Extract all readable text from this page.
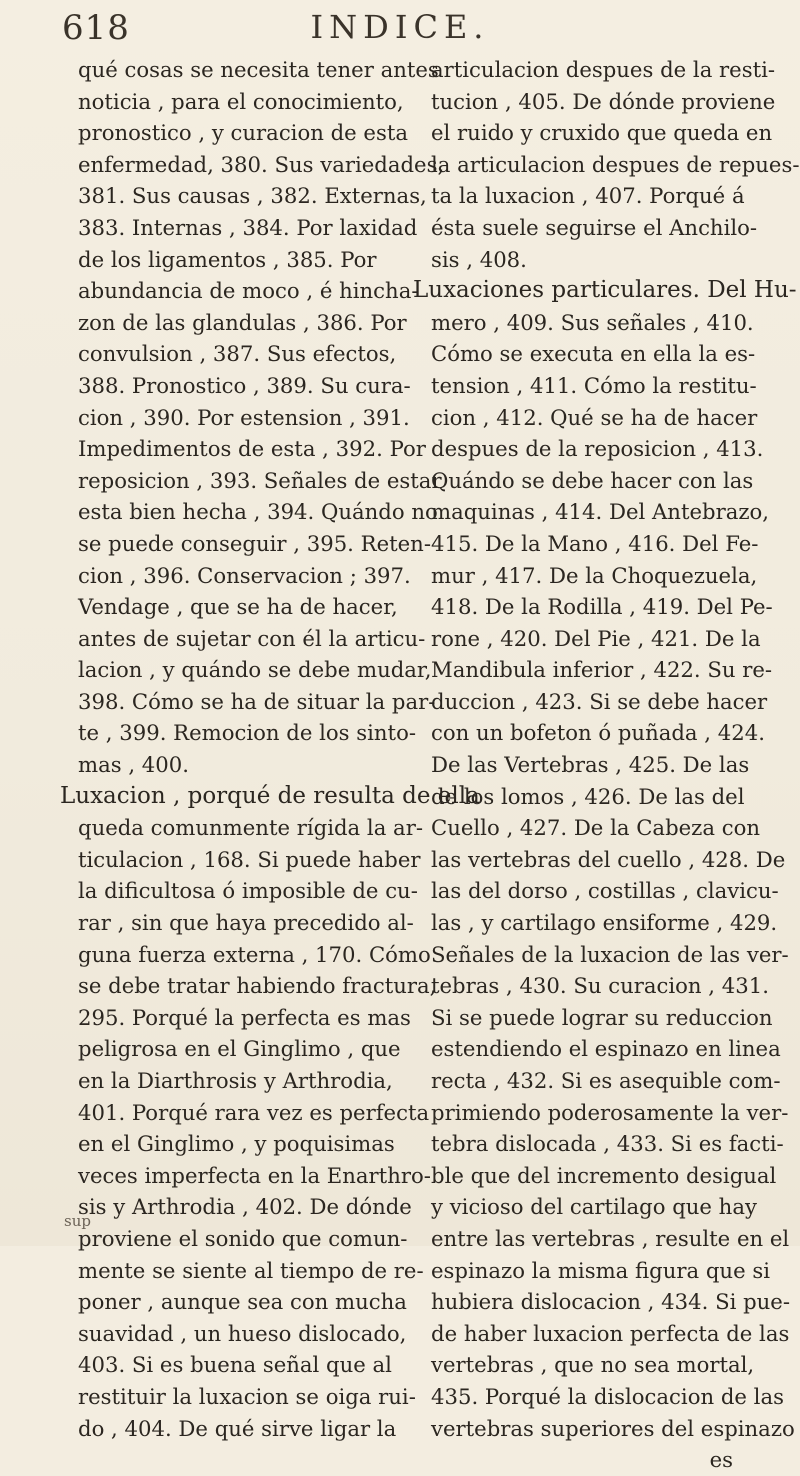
618	INDICE.
qué cosas se necesita tener antes
noticia , para el conocimiento,
pronostico , y curacion de esta
enfermedad, 380. Sus variedades,
381. Sus causas , 382. Externas,
383. Internas , 384. Por laxidad
de los ligamentos , 385. Por
abundancia de moco , é hincha-
zon de las glandulas , 386. Por
convulsion , 387. Sus efectos,
388. Pronostico , 389. Su cura-
cion , 390. Por estension , 391.
Impedimentos de esta , 392. Por
reposicion , 393. Señales de estar
esta bien hecha , 394. Quándo no
se puede conseguir , 395. Reten-
cion , 396. Conservacion ; 397.
Vendage , que se ha de hacer,
antes de sujetar con él la articu-
lacion , y quándo se debe mudar,
398. Cómo se ha de situar la par-
te , 399. Remocion de los sinto-
mas , 400.
Luxacion , porqué de resulta de ella
queda comunmente rígida la ar-
ticulacion , 168. Si puede haber
la dificultosa ó imposible de cu-
rar , sin que haya precedido al-
guna fuerza externa , 170. Cómo
se debe tratar habiendo fractura,
295. Porqué la perfecta es mas
peligrosa en el Ginglimo , que
en la Diarthrosis y Arthrodia,
401. Porqué rara vez es perfecta
en el Ginglimo , y poquisimas
veces imperfecta en la Enarthro-
sis y Arthrodia , 402. De dónde
proviene el sonido que comun-
mente se siente al tiempo de re-
poner , aunque sea con mucha
suavidad , un hueso dislocado,
403. Si es buena señal que al
restituir la luxacion se oiga rui-
do , 404. De qué sirve ligar la
articulacion despues de la resti-
tucion , 405. De dónde proviene
el ruido y cruxido que queda en
la articulacion despues de repues-
ta la luxacion , 407. Porqué á
ésta suele seguirse el Anchilo-
sis , 408.
Luxaciones particulares. Del Hu-
mero , 409. Sus señales , 410.
Cómo se executa en ella la es-
tension , 411. Cómo la restitu-
cion , 412. Qué se ha de hacer
despues de la reposicion , 413.
Quándo se debe hacer con las
maquinas , 414. Del Antebrazo,
415. De la Mano , 416. Del Fe-
mur , 417. De la Choquezuela,
418. De la Rodilla , 419. Del Pe-
rone , 420. Del Pie , 421. De la
Mandibula inferior , 422. Su re-
duccion , 423. Si se debe hacer
con un bofeton ó puñada , 424.
De las Vertebras , 425. De las
de los lomos , 426. De las del
Cuello , 427. De la Cabeza con
las vertebras del cuello , 428. De
las del dorso , costillas , clavicu-
las , y cartilago ensiforme , 429.
Señales de la luxacion de las ver-
tebras , 430. Su curacion , 431.
Si se puede lograr su reduccion
estendiendo el espinazo en linea
recta , 432. Si es asequible com-
primiendo poderosamente la ver-
tebra dislocada , 433. Si es facti-
ble que del incremento desigual
y vicioso del cartilago que hay
entre las vertebras , resulte en el
espinazo la misma figura que si
hubiera dislocacion , 434. Si pue-
de haber luxacion perfecta de las
vertebras , que no sea mortal,
435. Porqué la dislocacion de las
vertebras superiores del espinazo
es
sup
